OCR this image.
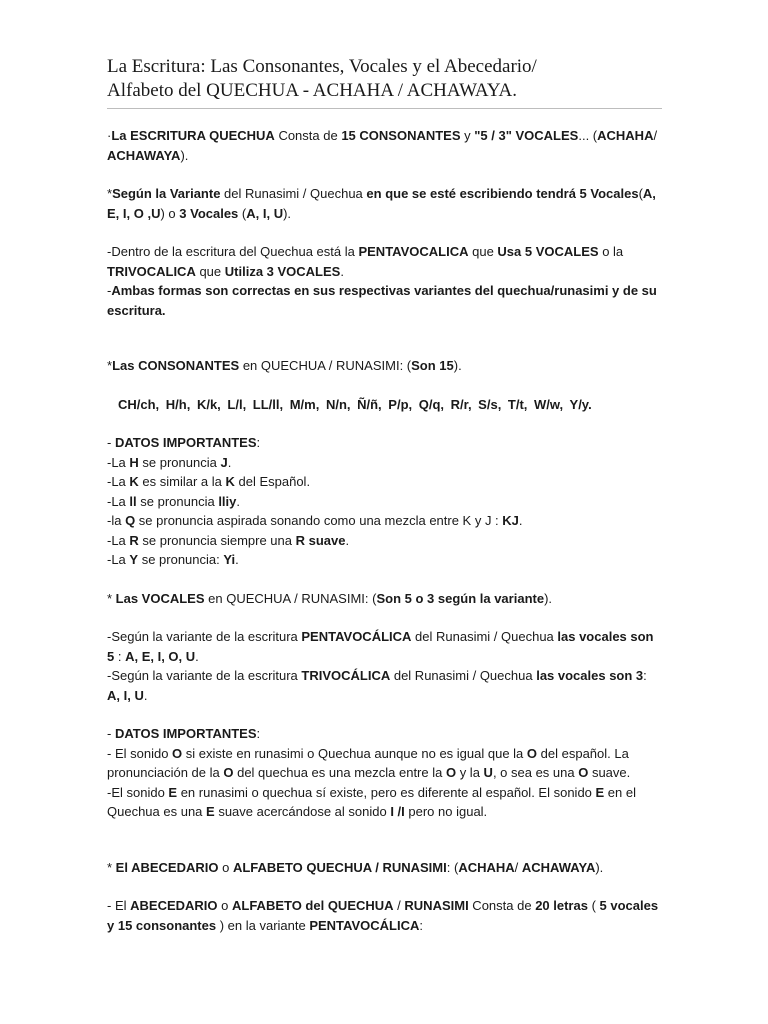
La Escritura: Las Consonantes, Vocales y el Abecedario/
Alfabeto del QUECHUA - ACHAHA / ACHAWAYA.

·La ESCRITURA QUECHUA Consta de 15 CONSONANTES y "5 / 3" VOCALES... (ACHAHA/ ACHAWAYA).

*Según la Variante del Runasimi / Quechua en que se esté escribiendo tendrá 5 Vocales(A, E, I, O ,U) o 3 Vocales (A, I, U).

-Dentro de la escritura del Quechua está la PENTAVOCALICA que Usa 5 VOCALES o la TRIVOCALICA que Utiliza 3 VOCALES.

-Ambas formas son correctas en sus respectivas variantes del quechua/runasimi y de su escritura.

*Las CONSONANTES en QUECHUA / RUNASIMI: (Son 15).

CH/ch, H/h, K/k, L/l, LL/ll, M/m, N/n, Ñ/ñ, P/p, Q/q, R/r, S/s, T/t, W/w, Y/y.

- DATOS IMPORTANTES:

-La H se pronuncia J.

-La K es similar a la K del Español.

-La ll se pronuncia lliy.

-la Q se pronuncia aspirada sonando como una mezcla entre K y J : KJ.

-La R se pronuncia siempre una R suave.

-La Y se pronuncia: Yi.

* Las VOCALES en QUECHUA / RUNASIMI: (Son 5 o 3 según la variante).

-Según la variante de la escritura PENTAVOCÁLICA del Runasimi / Quechua las vocales son 5 : A, E, I, O, U.

-Según la variante de la escritura TRIVOCÁLICA del Runasimi / Quechua las vocales son 3: A, I, U.

- DATOS IMPORTANTES:

- El sonido O si existe en runasimi o Quechua aunque no es igual que la O del español. La pronunciación de la O del quechua es una mezcla entre la O y la U, o sea es una O suave.

-El sonido E en runasimi o quechua sí existe, pero es diferente al español. El sonido E en el Quechua es una E suave acercándose al sonido I /I pero no igual.

* El ABECEDARIO o ALFABETO QUECHUA / RUNASIMI: (ACHAHA/ ACHAWAYA).

- El ABECEDARIO o ALFABETO del QUECHUA / RUNASIMI Consta de 20 letras ( 5 vocales y 15 consonantes ) en la variante PENTAVOCÁLICA:
